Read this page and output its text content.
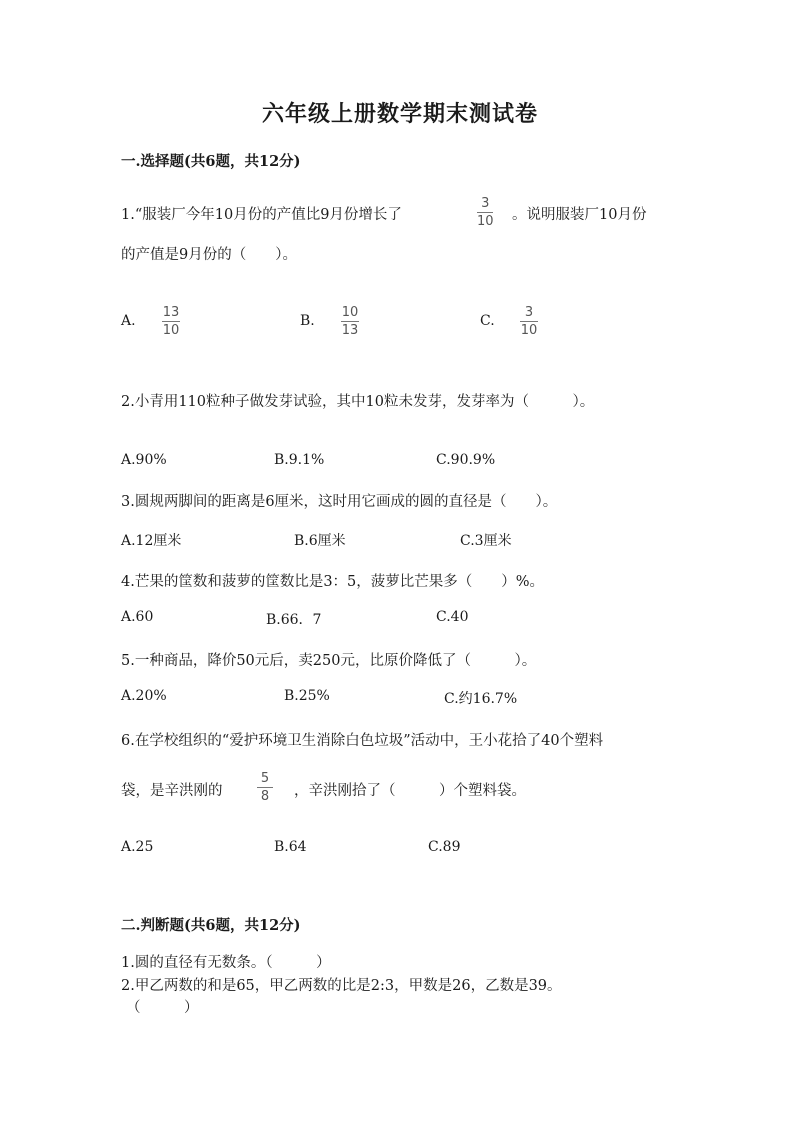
六年级上册数学期末测试卷
一.选择题(共6题，共12分)
1.“服装厂今年10月份的产值比9月份增长了
3
10 。说明服装厂10月份
的产值是9月份的（　　）。
A.
13
10
B.
10
13
C.
3
10
2.小青用110粒种子做发芽试验，其中10粒未发芽，发芽率为（　　　）。
A.90%	B.9.1%	C.90.9%
3.圆规两脚间的距离是6厘米，这时用它画成的圆的直径是（　　）。
A.12厘米	B.6厘米	C.3厘米
4.芒果的筐数和菠萝的筐数比是3：5，菠萝比芒果多（　　）%。
A.60	B.66．7	C.40
5.一种商品，降价50元后，卖250元，比原价降低了（　　　）。
A.20%	B.25%	C.约16.7%
6.在学校组织的“爱护环境卫生消除白色垃圾”活动中，王小花拾了40个塑料
袋，是辛洪刚的
5
8 ，辛洪刚拾了（　　　）个塑料袋。
A.25	B.64	C.89
二.判断题(共6题，共12分)
1.圆的直径有无数条。（　　　）
2.甲乙两数的和是65，甲乙两数的比是2:3，甲数是26，乙数是39。
（　　　）
